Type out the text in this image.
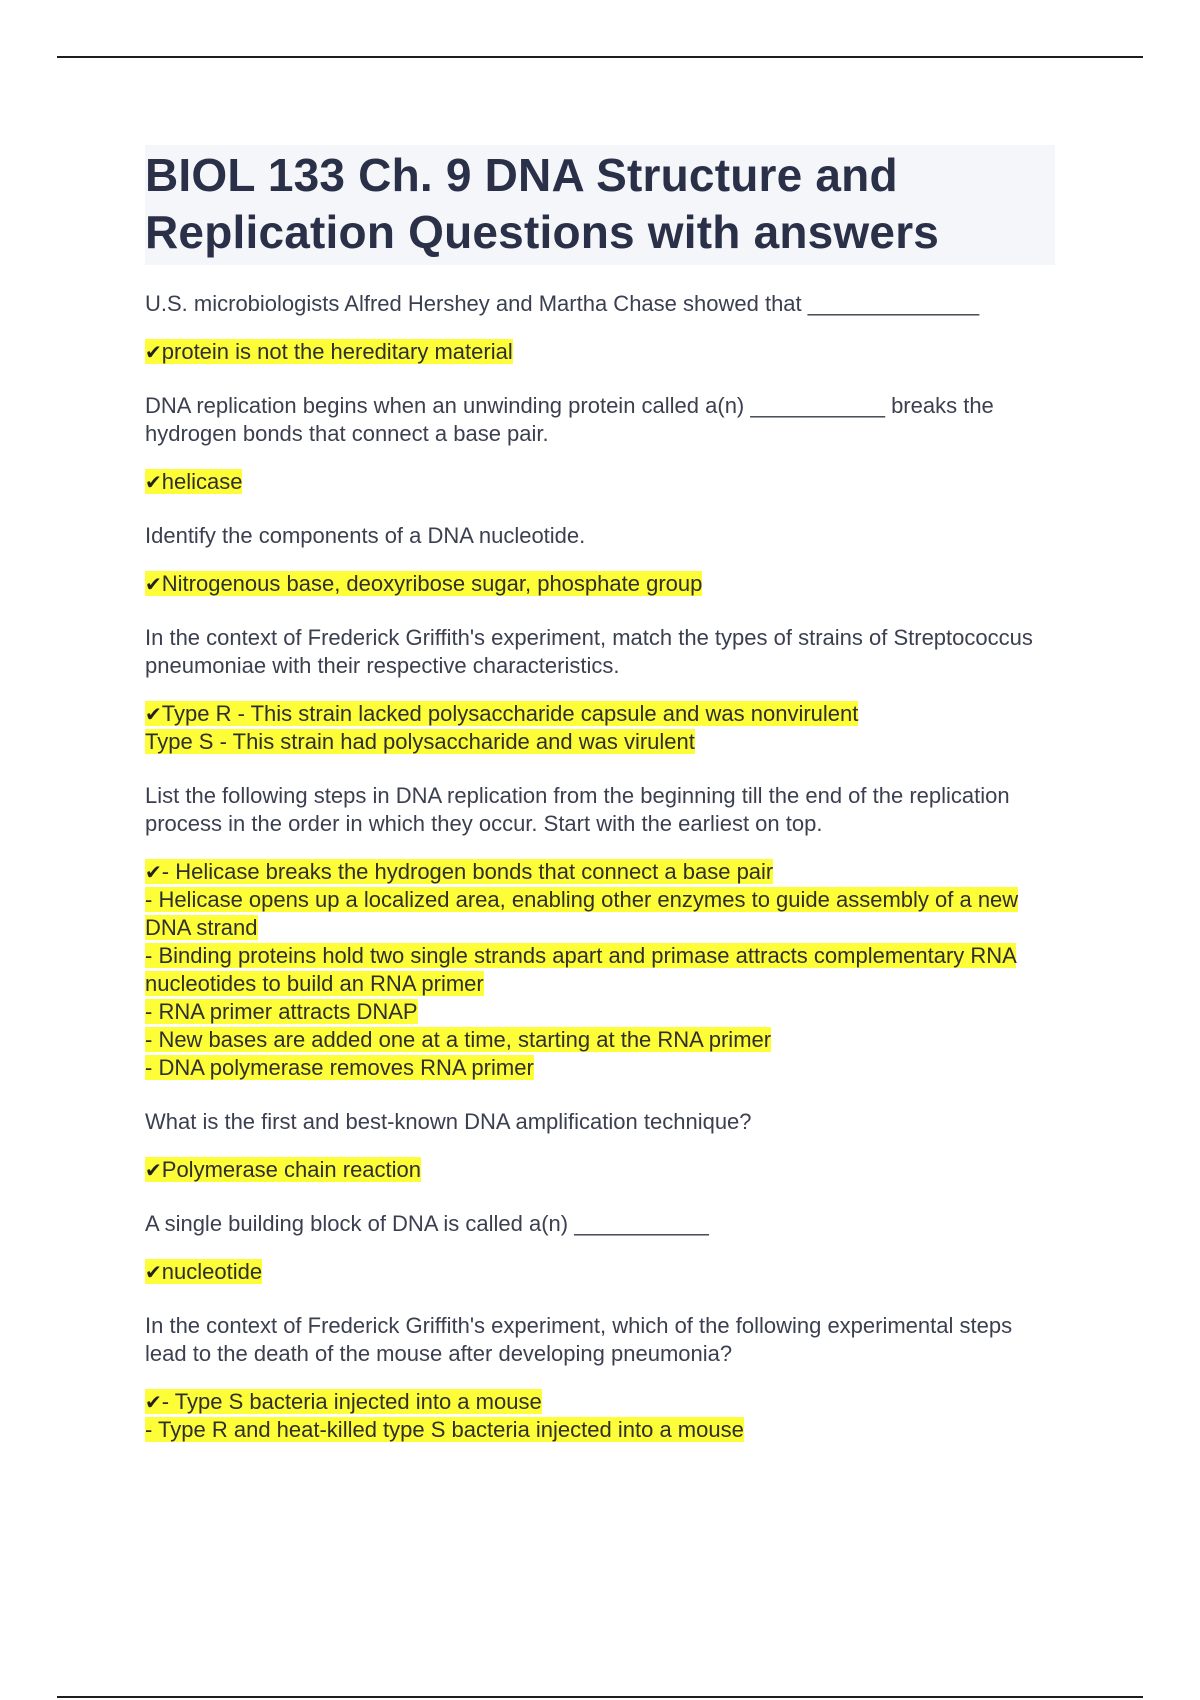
BIOL 133 Ch. 9 DNA Structure and Replication Questions with answers

U.S. microbiologists Alfred Hershey and Martha Chase showed that ______________

✔protein is not the hereditary material

DNA replication begins when an unwinding protein called a(n) ___________ breaks the hydrogen bonds that connect a base pair.

✔helicase

Identify the components of a DNA nucleotide.

✔Nitrogenous base, deoxyribose sugar, phosphate group

In the context of Frederick Griffith's experiment, match the types of strains of Streptococcus pneumoniae with their respective characteristics.

✔Type R - This strain lacked polysaccharide capsule and was nonvirulent
Type S - This strain had polysaccharide and was virulent

List the following steps in DNA replication from the beginning till the end of the replication process in the order in which they occur. Start with the earliest on top.

✔- Helicase breaks the hydrogen bonds that connect a base pair
- Helicase opens up a localized area, enabling other enzymes to guide assembly of a new DNA strand
- Binding proteins hold two single strands apart and primase attracts complementary RNA nucleotides to build an RNA primer
- RNA primer attracts DNAP
- New bases are added one at a time, starting at the RNA primer
- DNA polymerase removes RNA primer

What is the first and best-known DNA amplification technique?

✔Polymerase chain reaction

A single building block of DNA is called a(n) ___________

✔nucleotide

In the context of Frederick Griffith's experiment, which of the following experimental steps lead to the death of the mouse after developing pneumonia?

✔- Type S bacteria injected into a mouse
- Type R and heat-killed type S bacteria injected into a mouse
